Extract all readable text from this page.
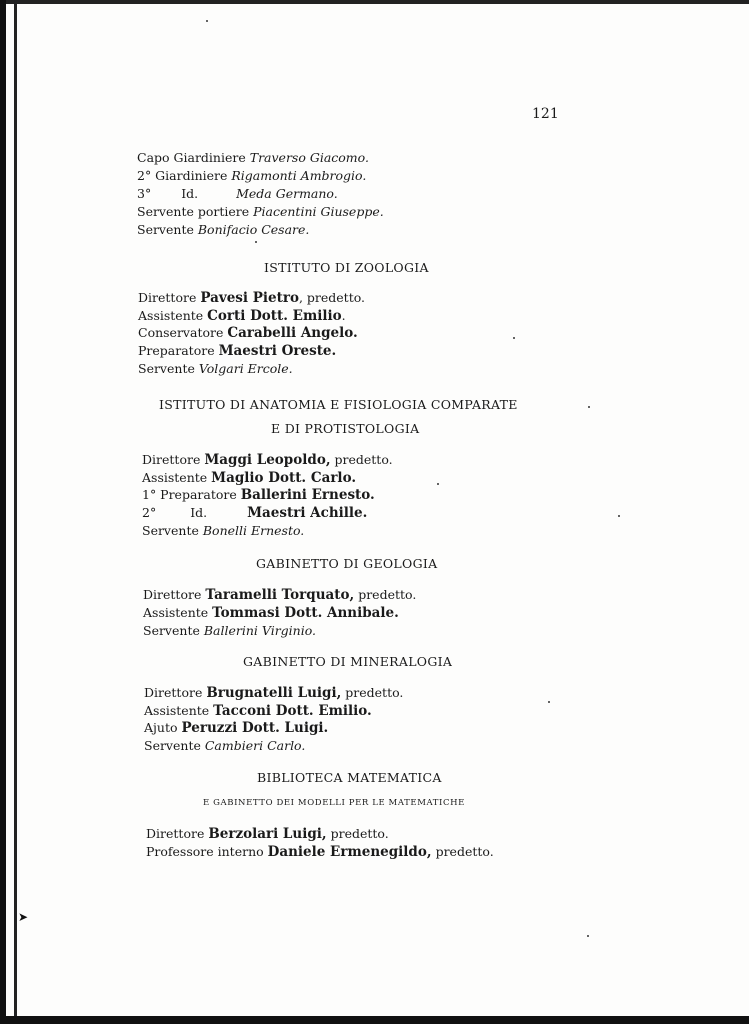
➤
121
Capo Giardiniere Traverso Giacomo.
2° Giardiniere Rigamonti Ambrogio.
3° Id.	Meda Germano.
Servente portiere Piacentini Giuseppe.
Servente Bonifacio Cesare.
ISTITUTO DI ZOOLOGIA
Direttore Pavesi Pietro, predetto.
Assistente Corti Dott. Emilio.
Conservatore Carabelli Angelo.
Preparatore Maestri Oreste.
Servente Volgari Ercole.
ISTITUTO DI ANATOMIA E FISIOLOGIA COMPARATE
E DI PROTISTOLOGIA
Direttore Maggi Leopoldo, predetto.
Assistente Maglio Dott. Carlo.
1° Preparatore Ballerini Ernesto.
2°	Id.	Maestri Achille.
Servente Bonelli Ernesto.
GABINETTO DI GEOLOGIA
Direttore Taramelli Torquato, predetto.
Assistente Tommasi Dott. Annibale.
Servente Ballerini Virginio.
GABINETTO DI MINERALOGIA
Direttore Brugnatelli Luigi, predetto.
Assistente Tacconi Dott. Emilio.
Ajuto Peruzzi Dott. Luigi.
Servente Cambieri Carlo.
BIBLIOTECA MATEMATICA
E GABINETTO DEI MODELLI PER LE MATEMATICHE
Direttore Berzolari Luigi, predetto.
Professore interno Daniele Ermenegildo, predetto.
